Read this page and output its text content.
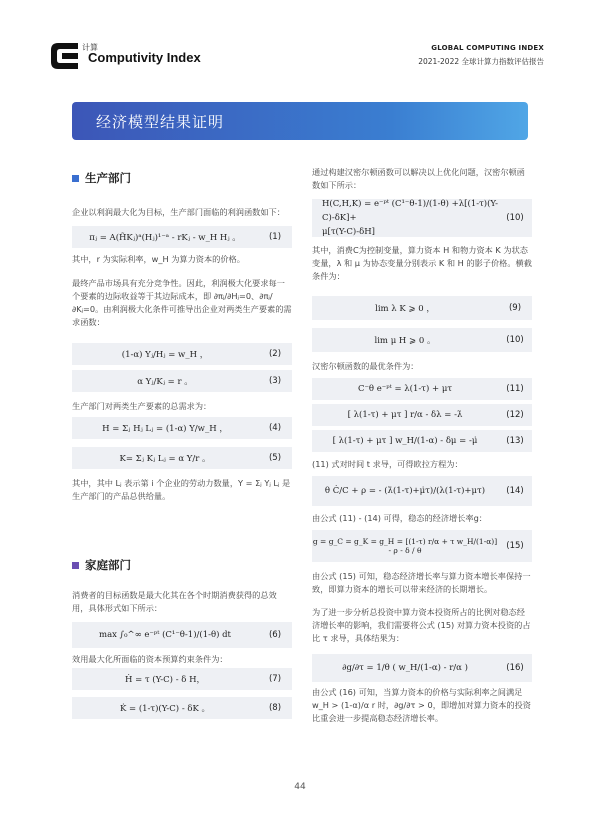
计算
Computivity Index
GLOBAL COMPUTING INDEX
2021-2022 全球计算力指数评估报告
经济模型结果证明
生产部门
企业以利润最大化为目标，生产部门面临的利润函数如下：
πⱼ = A(H̃Kⱼ)ᵃ(Hⱼ)¹⁻ᵃ - rKⱼ - w_H Hⱼ 。	(1)
其中，r 为实际利率，w_H 为算力资本的价格。
最终产品市场具有充分竞争性。因此，利润极大化要求每一个要素的边际收益等于其边际成本，即 ∂πⱼ/∂Hⱼ=0、∂πⱼ/∂Kⱼ=0。由利润极大化条件可推导出企业对两类生产要素的需求函数：
(1-α) Yⱼ/Hⱼ = w_H ，	(2)
α Yⱼ/Kⱼ = r 。	(3)
生产部门对两类生产要素的总需求为：
H = Σⱼ Hⱼ Lⱼ = (1-α) Y/w_H ，	(4)
K= Σⱼ Kⱼ Lⱼ = α Y/r 。	(5)
其中，其中 Lⱼ 表示第 i 个企业的劳动力数量，Y = Σⱼ Yⱼ Lⱼ 是生产部门的产品总供给量。
家庭部门
消费者的目标函数是最大化其在各个时期消费获得的总效用，具体形式如下所示：
max ∫₀^∞ e⁻ᵖᵗ (C¹⁻θ-1)/(1-θ) dt	(6)
效用最大化所面临的资本预算约束条件为：
Ḣ = τ (Y-C) - δ H，	(7)
K̇ = (1-τ)(Y-C) - δK 。	(8)
通过构建汉密尔顿函数可以解决以上优化问题，汉密尔顿函数如下所示：
H(C,H,K) = e⁻ᵖᵗ (C¹⁻θ-1)/(1-θ) +λ[(1-τ)(Y-C)-δK]+
μ[τ(Y-C)-δH]
(10)
其中，消费C为控制变量，算力资本 H 和物力资本 K 为状态变量，λ 和 μ 为协态变量分别表示 K 和 H 的影子价格。横截条件为：
lim λ K ⩾ 0 ，	(9)
lim μ H ⩾ 0 。	(10)
汉密尔顿函数的最优条件为：
C⁻θ e⁻ᵖᵗ = λ(1-τ) + μτ	(11)
[ λ(1-τ) + μτ ] r/α - δλ = -λ̇	(12)
[ λ(1-τ) + μτ ] w_H/(1-α) - δμ = -μ̇	(13)
(11) 式对时间 t 求导，可得欧拉方程为：
θ Ċ/C + ρ = - (λ̇(1-τ)+μ̇τ)/(λ(1-τ)+μτ)	(14)
由公式 (11) - (14) 可得，稳态的经济增长率g：
g = g_C = g_K = g_H = [(1-τ) r/α + τ w_H/(1-α)] - ρ - δ / θ	(15)
由公式 (15) 可知，稳态经济增长率与算力资本增长率保持一致，即算力资本的增长可以带来经济的长期增长。
为了进一步分析总投资中算力资本投资所占的比例对稳态经济增长率的影响，我们需要将公式 (15) 对算力资本投资的占比 τ 求导，具体结果为：
∂g/∂τ = 1/θ ( w_H/(1-α) - r/α )	(16)
由公式 (16) 可知，当算力资本的价格与实际利率之间满足 w_H > (1-α)/α r 时，∂g/∂τ > 0，即增加对算力资本的投资比重会进一步提高稳态经济增长率。
44
